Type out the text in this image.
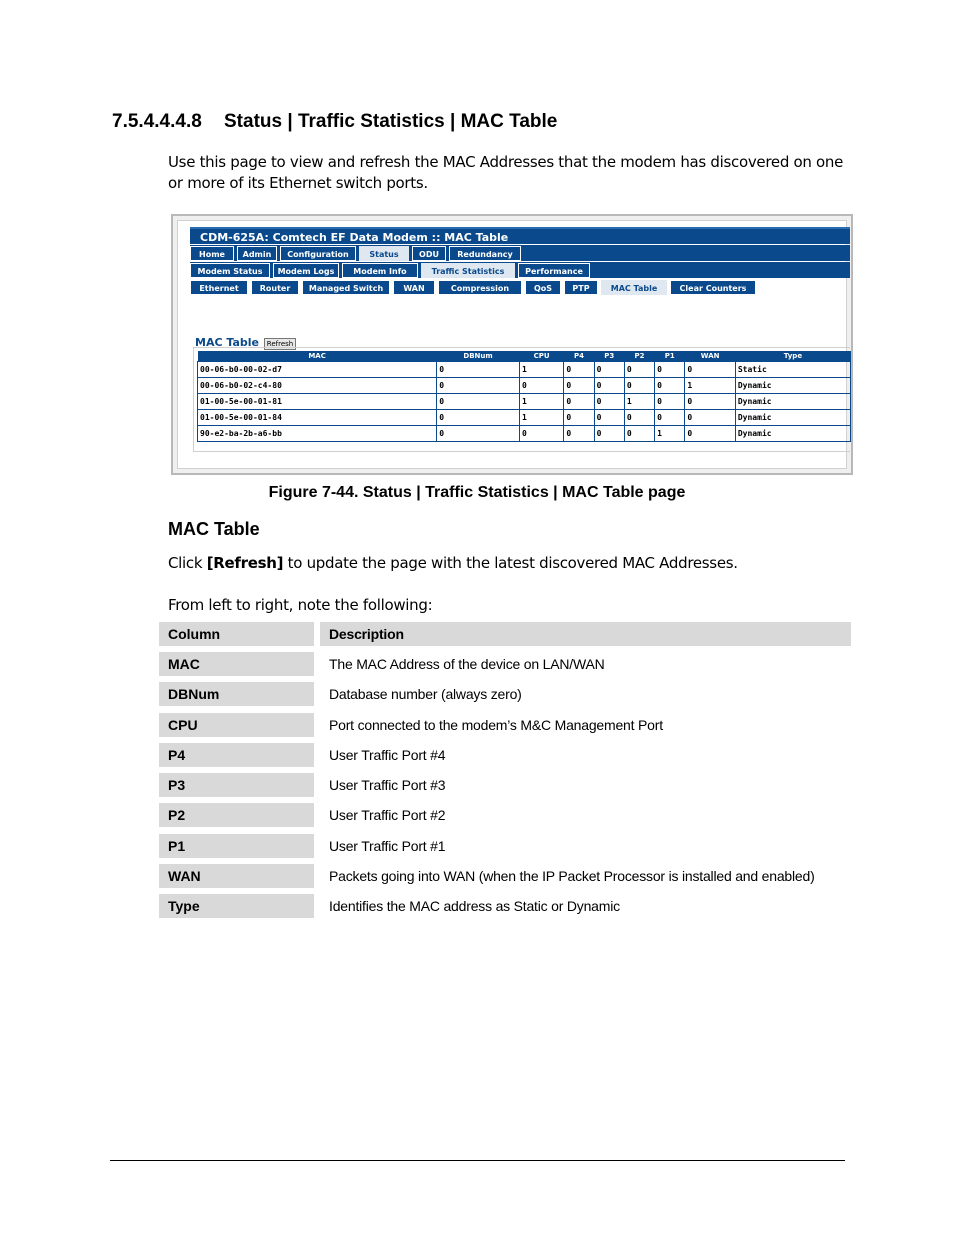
7.5.4.4.4.8 Status | Traffic Statistics | MAC Table
Use this page to view and refresh the MAC Addresses that the modem has discovered on one or more of its Ethernet switch ports.
CDM-625A: Comtech EF Data Modem :: MAC Table
Home	Admin	Configuration	Status	ODU	Redundancy
Modem Status	Modem Logs	Modem Info	Traffic Statistics	Performance
Ethernet	Router	Managed Switch	WAN	Compression	QoS	PTP	MAC Table	Clear Counters
MAC Table	Refresh
MAC	DBNum	CPU	P4	P3	P2	P1	WAN	Type
00-06-b0-00-02-d7	0	1	0	0	0	0	0	Static
00-06-b0-02-c4-80	0	0	0	0	0	0	1	Dynamic
01-00-5e-00-01-81	0	1	0	0	1	0	0	Dynamic
01-00-5e-00-01-84	0	1	0	0	0	0	0	Dynamic
90-e2-ba-2b-a6-bb	0	0	0	0	0	1	0	Dynamic
Figure 7-44. Status | Traffic Statistics | MAC Table page
MAC Table
Click [Refresh] to update the page with the latest discovered MAC Addresses.
From left to right, note the following:
Column	Description
MAC	The MAC Address of the device on LAN/WAN
DBNum	Database number (always zero)
CPU	Port connected to the modem’s M&C Management Port
P4	User Traffic Port #4
P3	User Traffic Port #3
P2	User Traffic Port #2
P1	User Traffic Port #1
WAN	Packets going into WAN (when the IP Packet Processor is installed and enabled)
Type	Identifies the MAC address as Static or Dynamic
